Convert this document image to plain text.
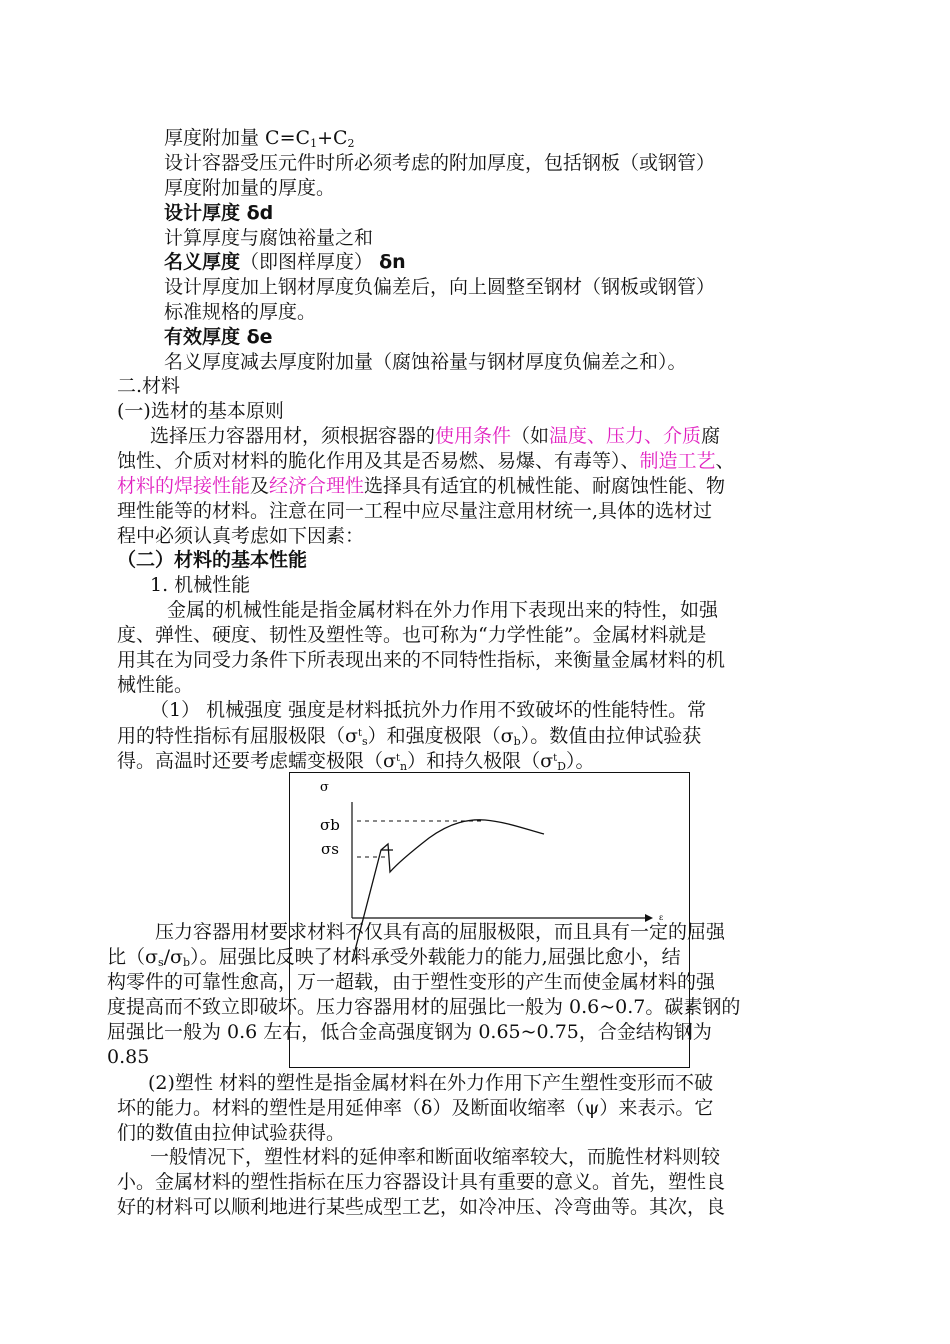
厚度附加量 $C=C_1+C_2$
设计容器受压元件时所必须考虑的附加厚度，包括钢板（或钢管）
厚度附加量的厚度。
设计厚度 δd
计算厚度与腐蚀裕量之和
名义厚度（即图样厚度） δn
设计厚度加上钢材厚度负偏差后，向上圆整至钢材（钢板或钢管）
标准规格的厚度。
有效厚度 δe
名义厚度减去厚度附加量（腐蚀裕量与钢材厚度负偏差之和）。
二.材料
(一)选材的基本原则
选择压力容器用材，须根据容器的使用条件（如温度、压力、介质腐
蚀性、介质对材料的脆化作用及其是否易燃、易爆、有毒等）、制造工艺、
材料的焊接性能及经济合理性选择具有适宜的机械性能、耐腐蚀性能、物
理性能等的材料。注意在同一工程中应尽量注意用材统一,具体的选材过
程中必须认真考虑如下因素：
（二）材料的基本性能
1. 机械性能
金属的机械性能是指金属材料在外力作用下表现出来的特性，如强
度、弹性、硬度、韧性及塑性等。也可称为“力学性能”。金属材料就是
用其在为同受力条件下所表现出来的不同特性指标，来衡量金属材料的机
械性能。
（1） 机械强度 强度是材料抵抗外力作用不致破坏的性能特性。常
用的特性指标有屈服极限$(\sigma^t_s)$和强度极限$(\sigma_b)$。数值由拉伸试验获
得。高温时还要考虑蠕变极限$(\sigma^t_n)$和持久极限$(\sigma^t_D)$。
σ
ε
σb
σs
压力容器用材要求材料不仅具有高的屈服极限，而且具有一定的屈强
比$(\sigma_s/\sigma_b)$。屈强比反映了材料承受外载能力的能力,屈强比愈小，结
构零件的可靠性愈高，万一超载，由于塑性变形的产生而使金属材料的强
度提高而不致立即破坏。压力容器用材的屈强比一般为 0.6~0.7。碳素钢的
屈强比一般为 0.6 左右，低合金高强度钢为 0.65~0.75，合金结构钢为
0.85
(2)塑性 材料的塑性是指金属材料在外力作用下产生塑性变形而不破
坏的能力。材料的塑性是用延伸率（δ）及断面收缩率（ψ）来表示。它
们的数值由拉伸试验获得。
一般情况下，塑性材料的延伸率和断面收缩率较大，而脆性材料则较
小。金属材料的塑性指标在压力容器设计具有重要的意义。首先，塑性良
好的材料可以顺利地进行某些成型工艺，如冷冲压、冷弯曲等。其次，良
